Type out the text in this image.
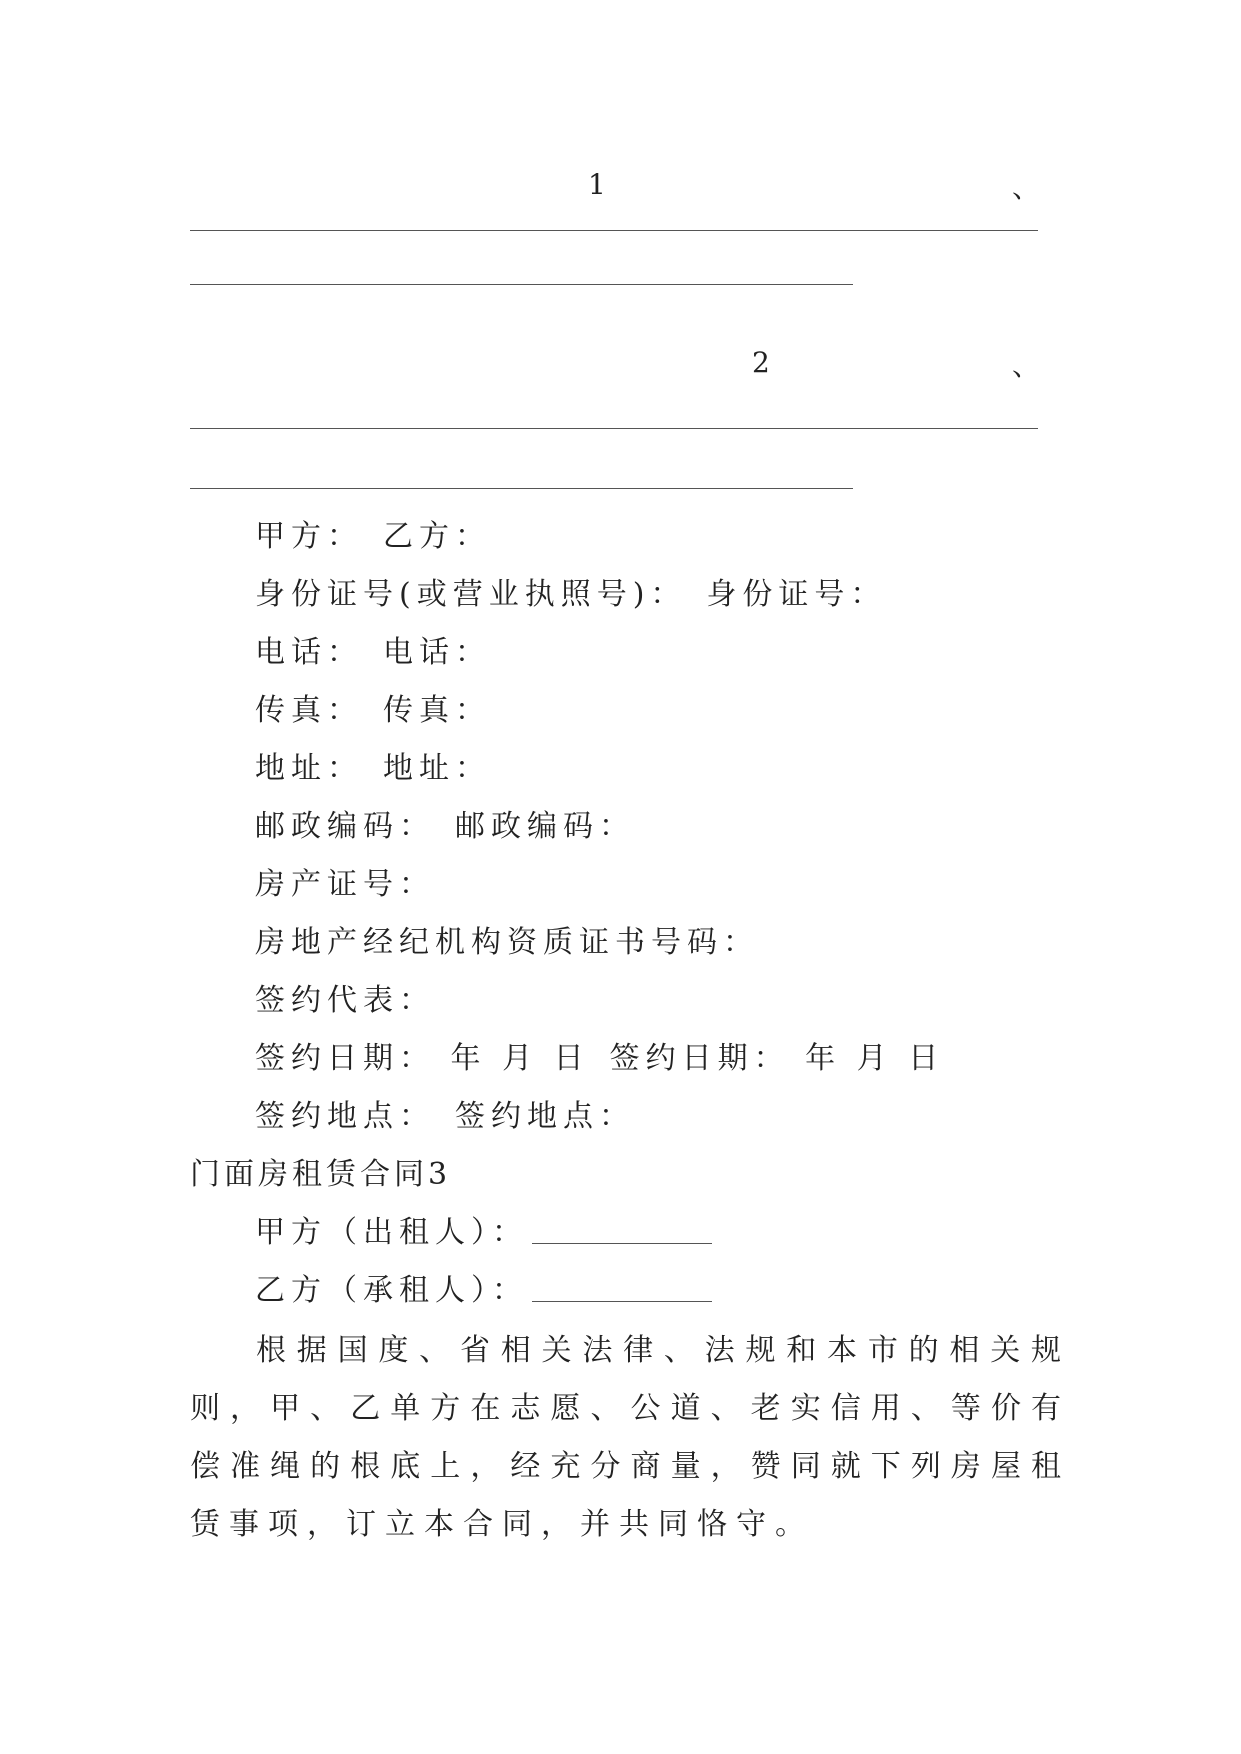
1	、
2	、
甲方： 乙方：
身份证号(或营业执照号)： 身份证号：
电话： 电话：
传真： 传真：
地址： 地址：
邮政编码： 邮政编码：
房产证号：
房地产经纪机构资质证书号码：
签约代表：
签约日期： 年 月 日 签约日期： 年 月 日
签约地点： 签约地点：
门面房租赁合同3
甲方（出租人）：
乙方（承租人）：
根据国度、省相关法律、法规和本市的相关规则，甲、乙单方在志愿、公道、老实信用、等价有偿准绳的根底上，经充分商量，赞同就下列房屋租赁事项，订立本合同，并共同恪守。
